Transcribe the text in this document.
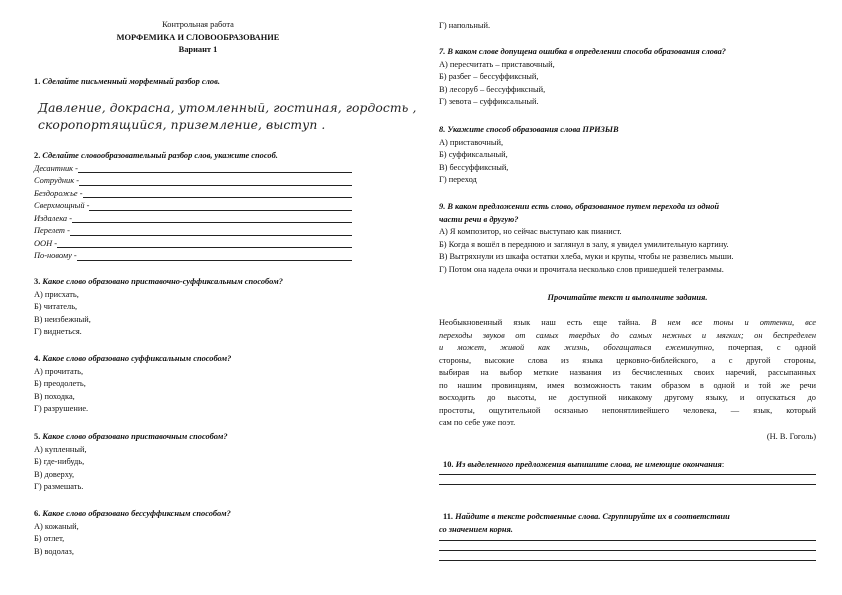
Контрольная работа
МОРФЕМИКА И СЛОВООБРАЗОВАНИЕ
Вариант 1
1. Сделайте письменный морфемный разбор слов.
Давление, докрасна, утомленный, гостиная, гордость ,
скоропортящийся, приземление, выступ .
2. Сделайте словообразовательный разбор слов, укажите способ.
Десантник -
Сотрудник -
Бездорожье -
Сверхмощный -
Издалека -
Перелет -
ООН -
По-новому -
3. Какое слово образовано приставочно-суффиксальным способом?
А) присхать,
Б) читатель,
В) неизбежный,
Г) виднеться.
4. Какое слово образовано суффиксальным способом?
А) прочитать,
Б) преодолеть,
В) походка,
Г) разрушение.
5. Какое слово образовано приставочным способом?
А) купленный,
Б) где-нибудь,
В) доверху,
Г) размешать.
6. Какое слово образовано бессуффиксным способом?
А) кожаный,
Б) отлет,
В) водолаз,
Г) напольный.
7. В каком слове допущена ошибка в определении способа образования слова?
А) пересчитать – приставочный,
Б) разбег – бессуффиксный,
В) лесоруб – бессуффиксный,
Г) зевота – суффиксальный.
8. Укажите способ образования слова ПРИЗЫВ
А) приставочный,
Б) суффиксальный,
В) бессуффиксный,
Г) переход
9. В каком предложении есть слово, образованное путем перехода из одной
части речи в другую?
А) Я композитор, но сейчас выступаю как пианист.
Б) Когда я вошёл в переднюю и заглянул в залу, я увидел умилительную картину.
В) Вытряхнули из шкафа остатки хлеба, муки и крупы, чтобы не развелись мыши.
Г) Потом она надела очки и прочитала несколько слов пришедшей телеграммы.
Прочитайте текст и выполните задания.
Необыкновенный язык наш есть еще тайна. В нем все тоны и оттенки, все
переходы звуков от самых твердых до самых нежных и мягких; он беспределен
и может, живой как жизнь, обогащаться ежеминутно, почерпая, с одной
стороны, высокие слова из языка церковно-библейского, а с другой стороны,
выбирая на выбор меткие названия из бесчисленных своих наречий, рассыпанных
по нашим провинциям, имея возможность таким образом в одной и той же речи
восходить до высоты, не доступной никакому другому языку, и опускаться до
простоты, ощутительной осязанью непонятливейшего человека, — язык, который
сам по себе уже поэт.
(Н. В. Гоголь)
10. Из выделенного предложения выпишите слова, не имеющие окончания:
11. Найдите в тексте родственные слова. Сгруппируйте их в соответствии
со значением корня.
